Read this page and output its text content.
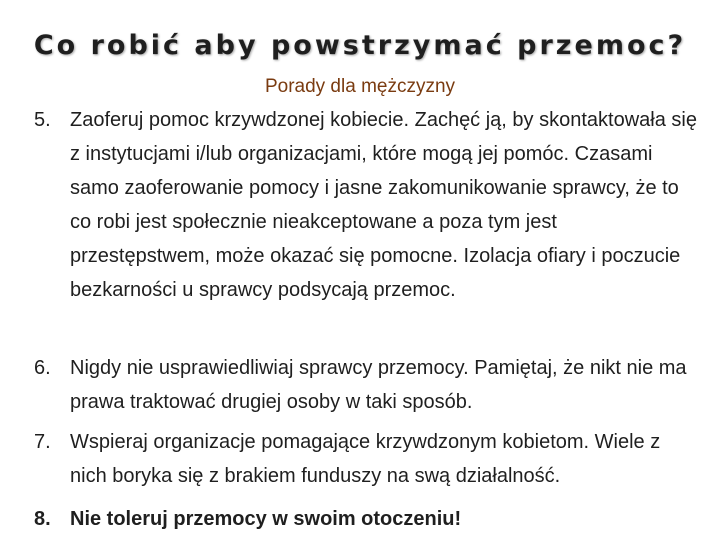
Co robić aby powstrzymać przemoc?
Porady dla mężczyzny
5. Zaoferuj pomoc krzywdzonej kobiecie. Zachęć ją, by skontaktowała się z instytucjami i/lub organizacjami, które mogą jej pomóc. Czasami samo zaoferowanie pomocy i jasne zakomunikowanie sprawcy, że to co robi jest społecznie nieakceptowane a poza tym jest przestępstwem, może okazać się pomocne. Izolacja ofiary i poczucie bezkarności u sprawcy podsycają przemoc.
6. Nigdy nie usprawiedliwiaj sprawcy przemocy. Pamiętaj, że nikt nie ma prawa traktować drugiej osoby w taki sposób.
7. Wspieraj organizacje pomagające krzywdzonym kobietom. Wiele z nich boryka się z brakiem funduszy na swą działalność.
8. Nie toleruj przemocy w swoim otoczeniu!
